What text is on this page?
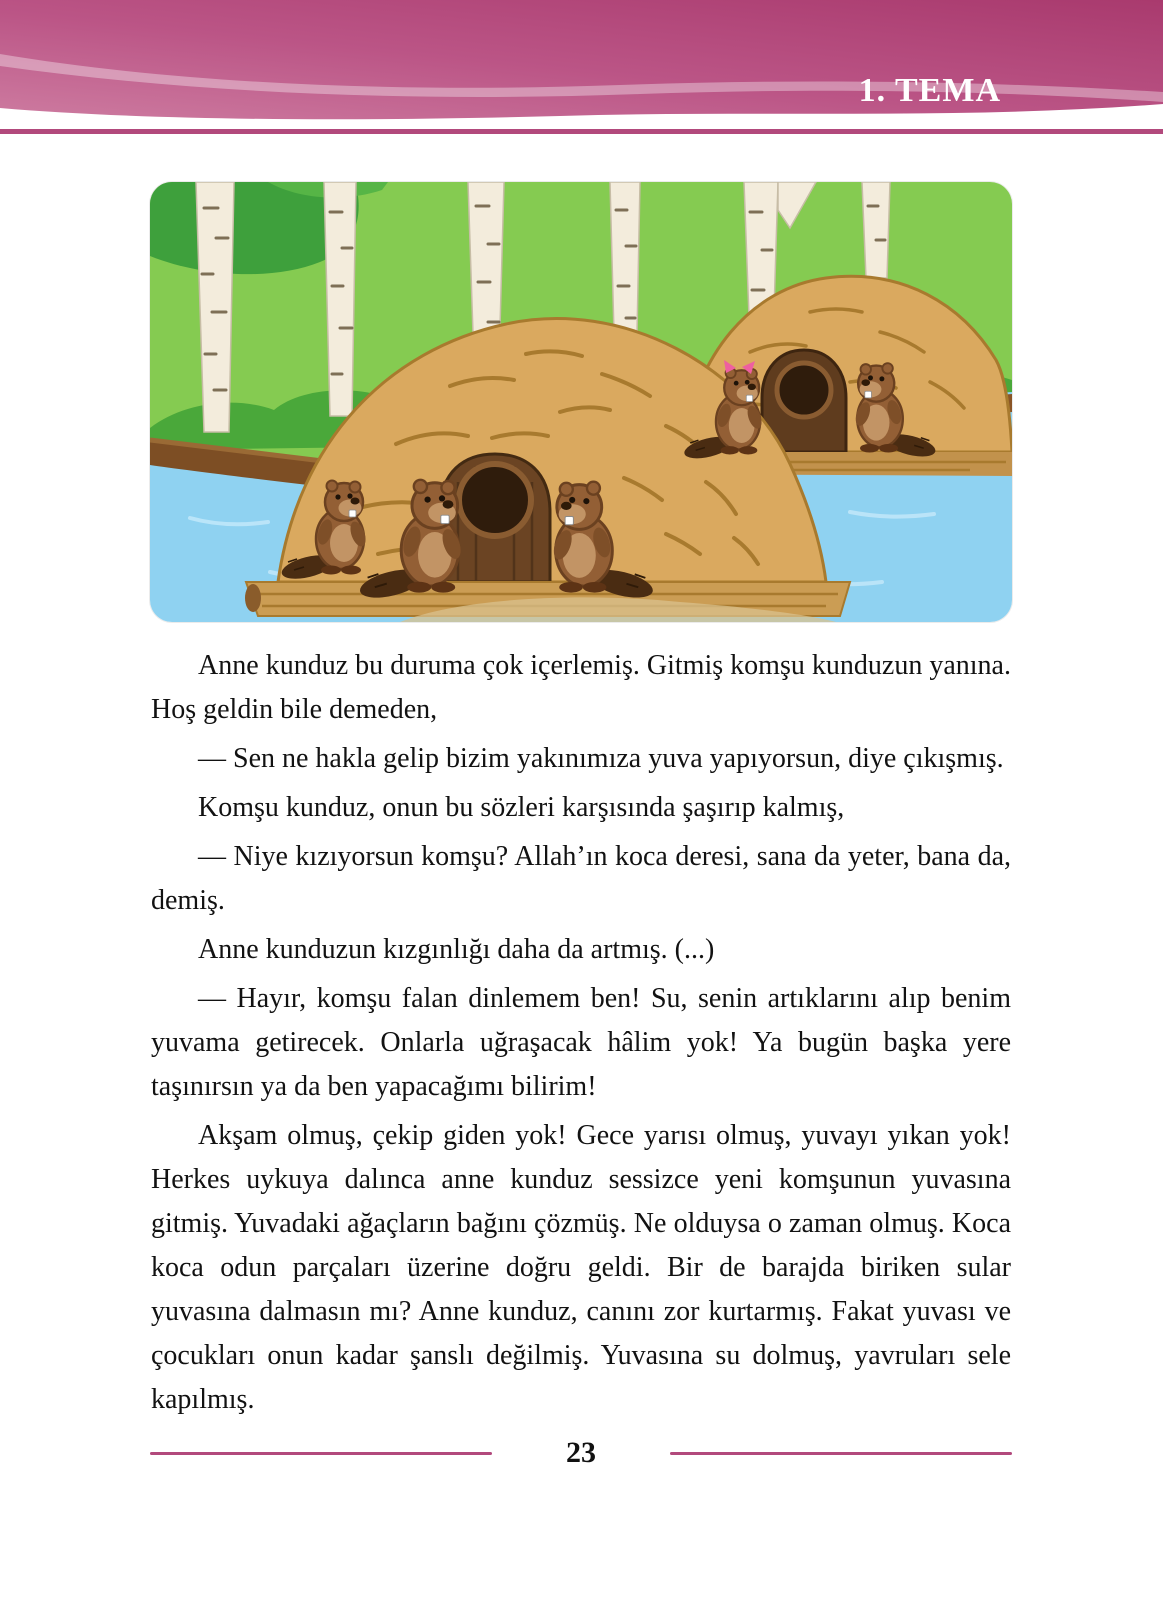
1. TEMA

Anne kunduz bu duruma çok içerlemiş. Gitmiş komşu kunduzun yanına. Hoş geldin bile demeden,

— Sen ne hakla gelip bizim yakınımıza yuva yapıyorsun, diye çıkışmış.

Komşu kunduz, onun bu sözleri karşısında şaşırıp kalmış,

— Niye kızıyorsun komşu? Allah’ın koca deresi, sana da yeter, bana da, demiş.

Anne kunduzun kızgınlığı daha da artmış. (...)

— Hayır, komşu falan dinlemem ben! Su, senin artıklarını alıp benim yuvama getirecek. Onlarla uğraşacak hâlim yok! Ya bugün başka yere taşınırsın ya da ben yapacağımı bilirim!

Akşam olmuş, çekip giden yok! Gece yarısı olmuş, yuvayı yıkan yok! Herkes uykuya dalınca anne kunduz sessizce yeni komşunun yuvasına gitmiş. Yuvadaki ağaçların bağını çözmüş. Ne olduysa o zaman olmuş. Koca koca odun parçaları üzerine doğru geldi. Bir de barajda biriken sular yuvasına dalmasın mı? Anne kunduz, canını zor kurtarmış. Fakat yuvası ve çocukları onun kadar şanslı değilmiş. Yuvasına su dolmuş, yavruları sele kapılmış.

23
